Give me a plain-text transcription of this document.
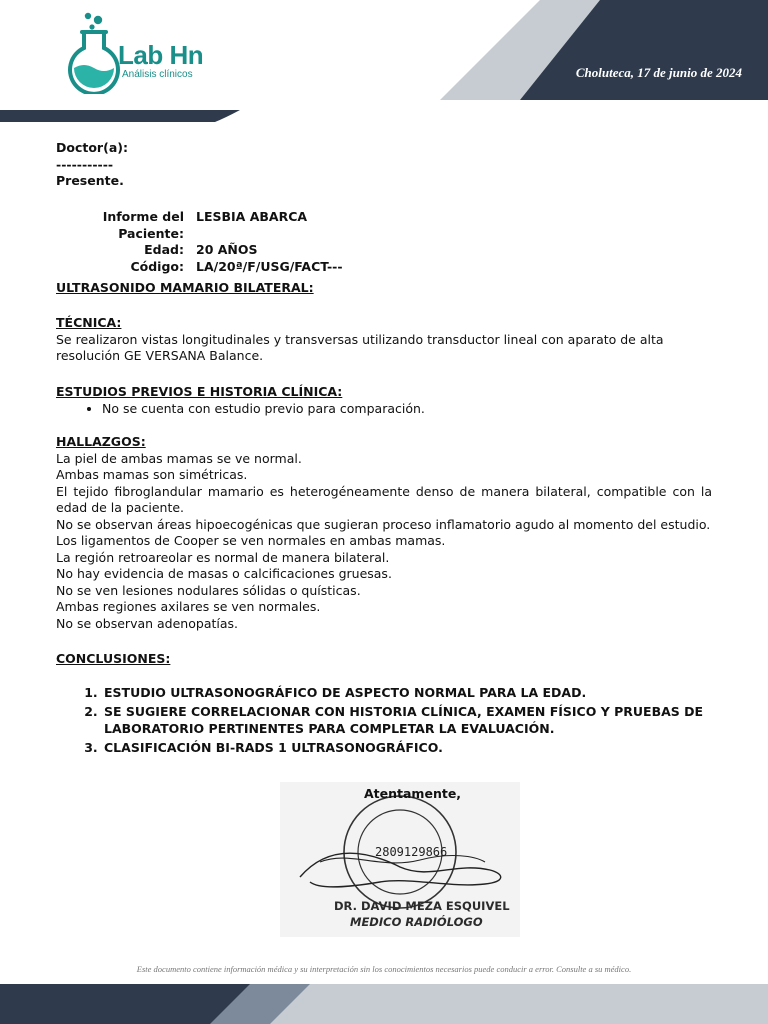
Lab Hn
Análisis clínicos	Choluteca, 17 de junio de 2024
Doctor(a):
-----------
Presente.
Informe del Paciente:
LESBIA ABARCA
Edad: 20 AÑOS
Código: LA/20ª/F/USG/FACT---
ULTRASONIDO MAMARIO BILATERAL:
TÉCNICA:
Se realizaron vistas longitudinales y transversas utilizando transductor lineal con aparato de alta resolución GE VERSANA Balance.
ESTUDIOS PREVIOS E HISTORIA CLÍNICA:
• No se cuenta con estudio previo para comparación.
HALLAZGOS:
La piel de ambas mamas se ve normal.
Ambas mamas son simétricas.
El tejido fibroglandular mamario es heterogéneamente denso de manera bilateral, compatible con la edad de la paciente.
No se observan áreas hipoecogénicas que sugieran proceso inflamatorio agudo al momento del estudio.
Los ligamentos de Cooper se ven normales en ambas mamas.
La región retroareolar es normal de manera bilateral.
No hay evidencia de masas o calcificaciones gruesas.
No se ven lesiones nodulares sólidas o quísticas.
Ambas regiones axilares se ven normales.
No se observan adenopatías.
CONCLUSIONES:
1. ESTUDIO ULTRASONOGRÁFICO DE ASPECTO NORMAL PARA LA EDAD.
2. SE SUGIERE CORRELACIONAR CON HISTORIA CLÍNICA, EXAMEN FÍSICO Y PRUEBAS DE LABORATORIO PERTINENTES PARA COMPLETAR LA EVALUACIÓN.
3. CLASIFICACIÓN BI-RADS 1 ULTRASONOGRÁFICO.
2809129866
Atentamente,
DR. DAVID MEZA ESQUIVEL
MEDICO RADIÓLOGO
Este documento contiene información médica y su interpretación sin los conocimientos necesarios puede conducir a error. Consulte a su médico.
